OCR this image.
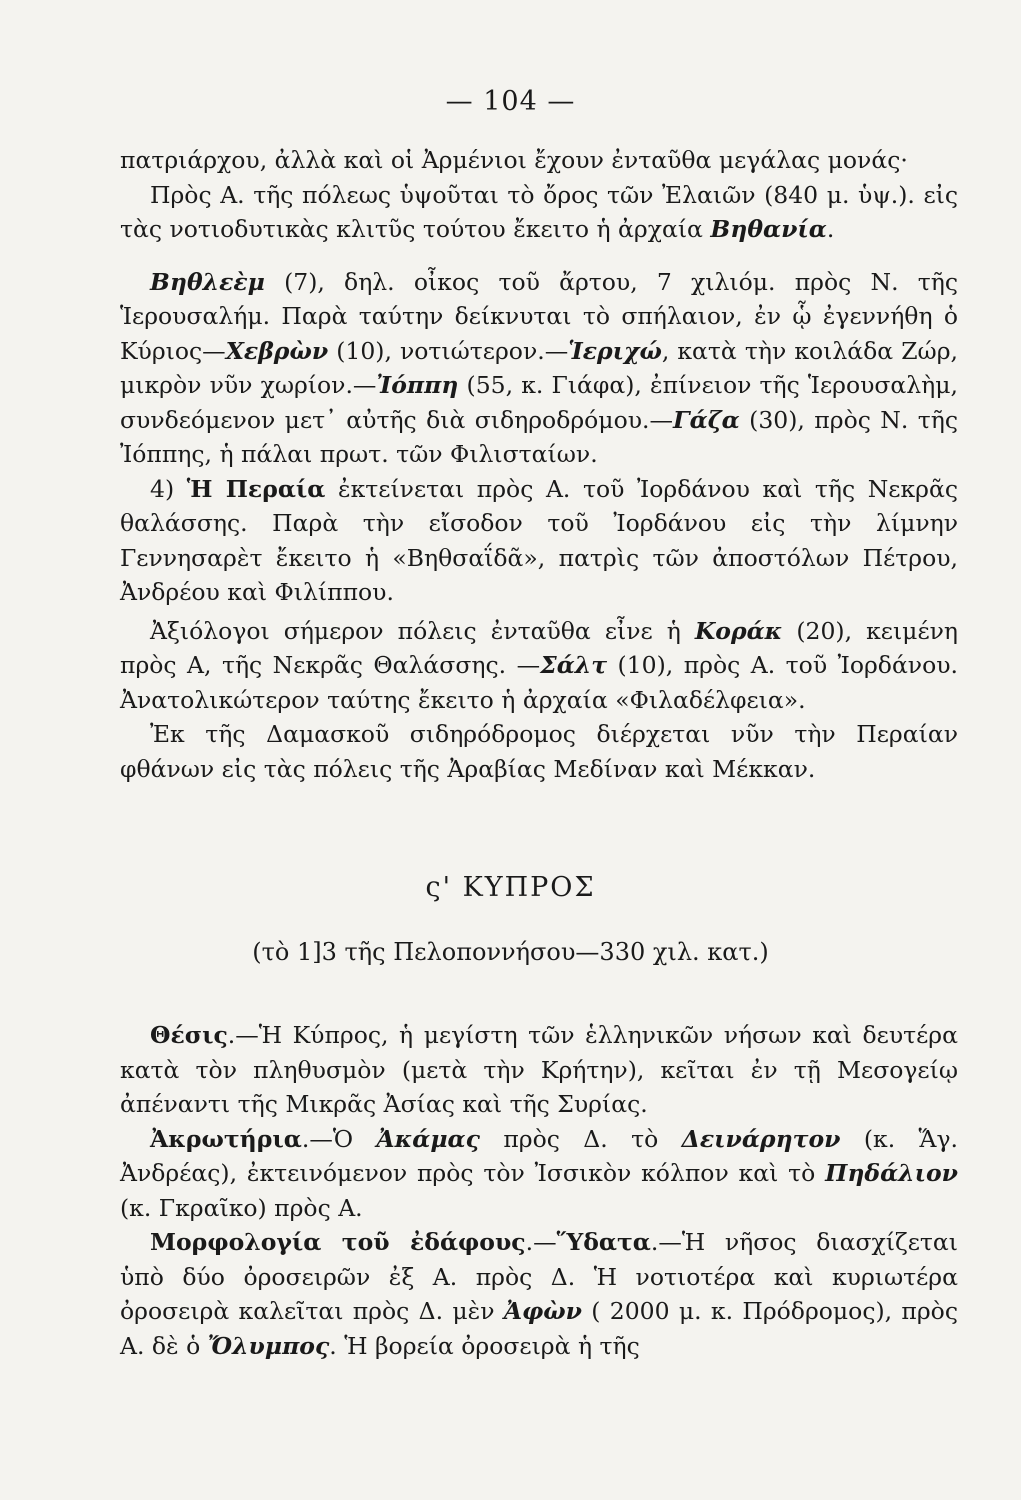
— 104 —

πατριάρχου, ἀλλὰ καὶ οἱ Ἀρμένιοι ἔχουν ἐνταῦθα μεγάλας μονάς·

Πρὸς Α. τῆς πόλεως ὑψοῦται τὸ ὄρος τῶν Ἐλαιῶν (840 μ. ὑψ.). εἰς τὰς νοτιοδυτικὰς κλιτῦς τούτου ἔκειτο ἡ ἀρχαία Βηθανία.

Βηθλεὲμ (7), δηλ. οἶκος τοῦ ἄρτου, 7 χιλιόμ. πρὸς Ν. τῆς Ἱερουσαλήμ. Παρὰ ταύτην δείκνυται τὸ σπήλαιον, ἐν ᾧ ἐγεννήθη ὁ Κύριος—Χεβρὼν (10), νοτιώτερον.—Ἱεριχώ, κατὰ τὴν κοιλάδα Ζώρ, μικρὸν νῦν χωρίον.—Ἰόππη (55, κ. Γιάφα), ἐπίνειον τῆς Ἱερουσαλὴμ, συνδεόμενον μετ᾽ αὐτῆς διὰ σιδηροδρόμου.—Γάζα (30), πρὸς Ν. τῆς Ἰόππης, ἡ πάλαι πρωτ. τῶν Φιλισταίων.

4) Ἡ Περαία ἐκτείνεται πρὸς Α. τοῦ Ἰορδάνου καὶ τῆς Νεκρᾶς θαλάσσης. Παρὰ τὴν εἴσοδον τοῦ Ἰορδάνου εἰς τὴν λίμνην Γεννησαρὲτ ἔκειτο ἡ «Βηθσαΐδᾶ», πατρὶς τῶν ἀποστόλων Πέτρου, Ἀνδρέου καὶ Φιλίππου.

Ἀξιόλογοι σήμερον πόλεις ἐνταῦθα εἶνε ἡ Κοράκ (20), κειμένη πρὸς Α, τῆς Νεκρᾶς Θαλάσσης. —Σάλτ (10), πρὸς Α. τοῦ Ἰορδάνου. Ἀνατολικώτερον ταύτης ἔκειτο ἡ ἀρχαία «Φιλαδέλφεια».

Ἐκ τῆς Δαμασκοῦ σιδηρόδρομος διέρχεται νῦν τὴν Περαίαν φθάνων εἰς τὰς πόλεις τῆς Ἀραβίας Μεδίναν καὶ Μέκκαν.

ς' ΚΥΠΡΟΣ
(τὸ 1]3 τῆς Πελοποννήσου—330 χιλ. κατ.)

Θέσις.—Ἡ Κύπρος, ἡ μεγίστη τῶν ἑλληνικῶν νήσων καὶ δευτέρα κατὰ τὸν πληθυσμὸν (μετὰ τὴν Κρήτην), κεῖται ἐν τῇ Μεσογείῳ ἀπέναντι τῆς Μικρᾶς Ἀσίας καὶ τῆς Συρίας.

Ἀκρωτήρια.—Ὁ Ἀκάμας πρὸς Δ. τὸ Δεινάρητον (κ. Ἅγ. Ἀνδρέας), ἐκτεινόμενον πρὸς τὸν Ἰσσικὸν κόλπον καὶ τὸ Πηδάλιον (κ. Γκραῖκο) πρὸς Α.

Μορφολογία τοῦ ἐδάφους.—Ὕδατα.—Ἡ νῆσος διασχίζεται ὑπὸ δύο ὀροσειρῶν ἐξ Α. πρὸς Δ. Ἡ νοτιοτέρα καὶ κυριωτέρα ὀροσειρὰ καλεῖται πρὸς Δ. μὲν Ἀφὼν ( 2000 μ. κ. Πρόδρομος), πρὸς Α. δὲ ὁ Ὄλυμπος. Ἡ βορεία ὀροσειρὰ ἡ τῆς
